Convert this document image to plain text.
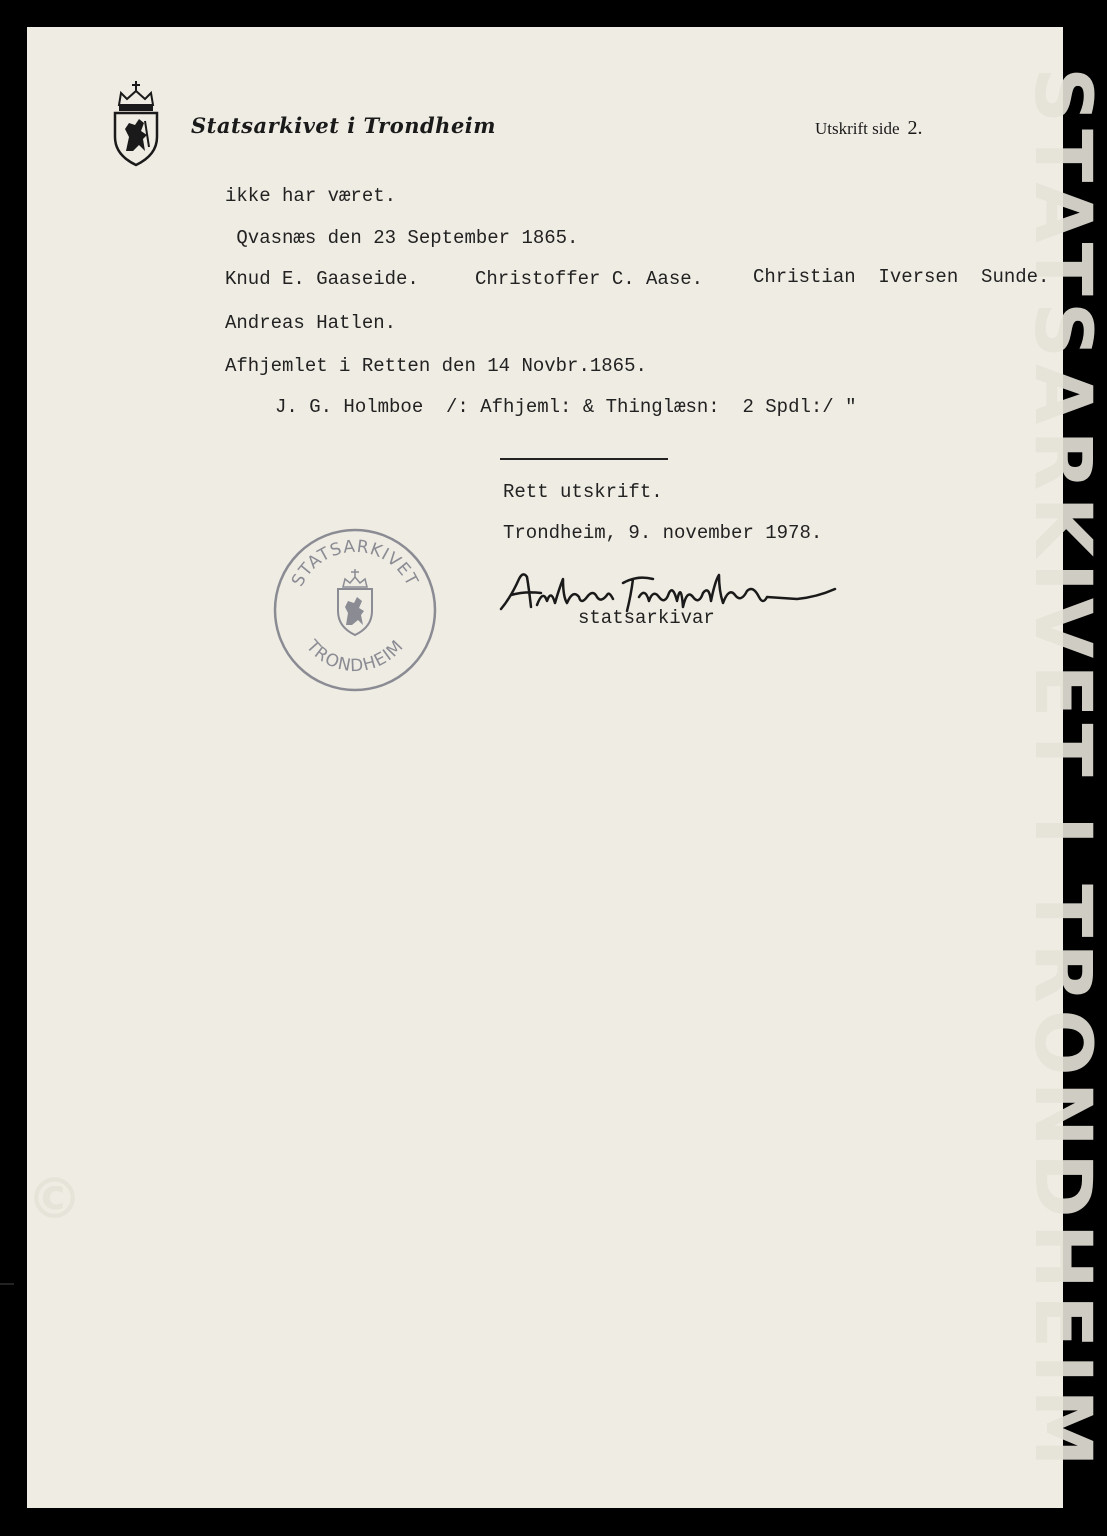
STATSARKIVET I TRONDHEIM
Statsarkivet i Trondheim	Utskrift side 2.
ikke har været.
Qvasnæs den 23 September 1865.
Knud E. Gaaseide.	Christoffer C. Aase.	Christian  Iversen  Sunde.
Andreas Hatlen.
Afhjemlet i Retten den 14 Novbr.1865.
J. G. Holmboe  /: Afhjeml: & Thinglæsn:  2 Spdl:/ "
Rett utskrift.
Trondheim, 9. november 1978.
STATSARKIVET
TRONDHEIM
statsarkivar
©
